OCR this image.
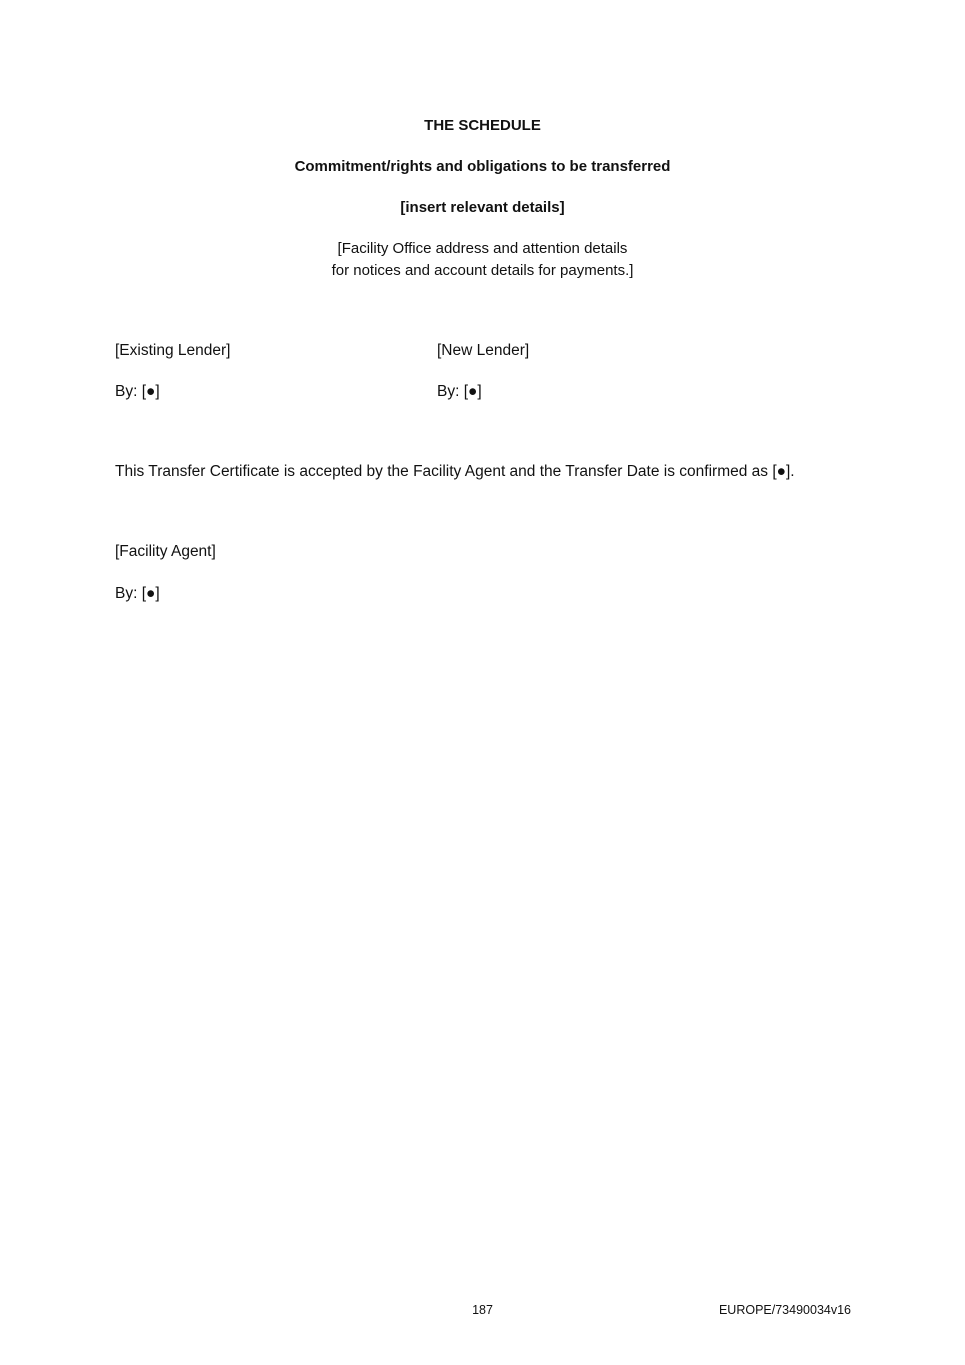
THE SCHEDULE
Commitment/rights and obligations to be transferred
[insert relevant details]
[Facility Office address and attention details
for notices and account details for payments.]
[Existing Lender]	[New Lender]
By: [●]	By: [●]
This Transfer Certificate is accepted by the Facility Agent and the Transfer Date is confirmed as [●].
[Facility Agent]
By: [●]
187	EUROPE/73490034v16
